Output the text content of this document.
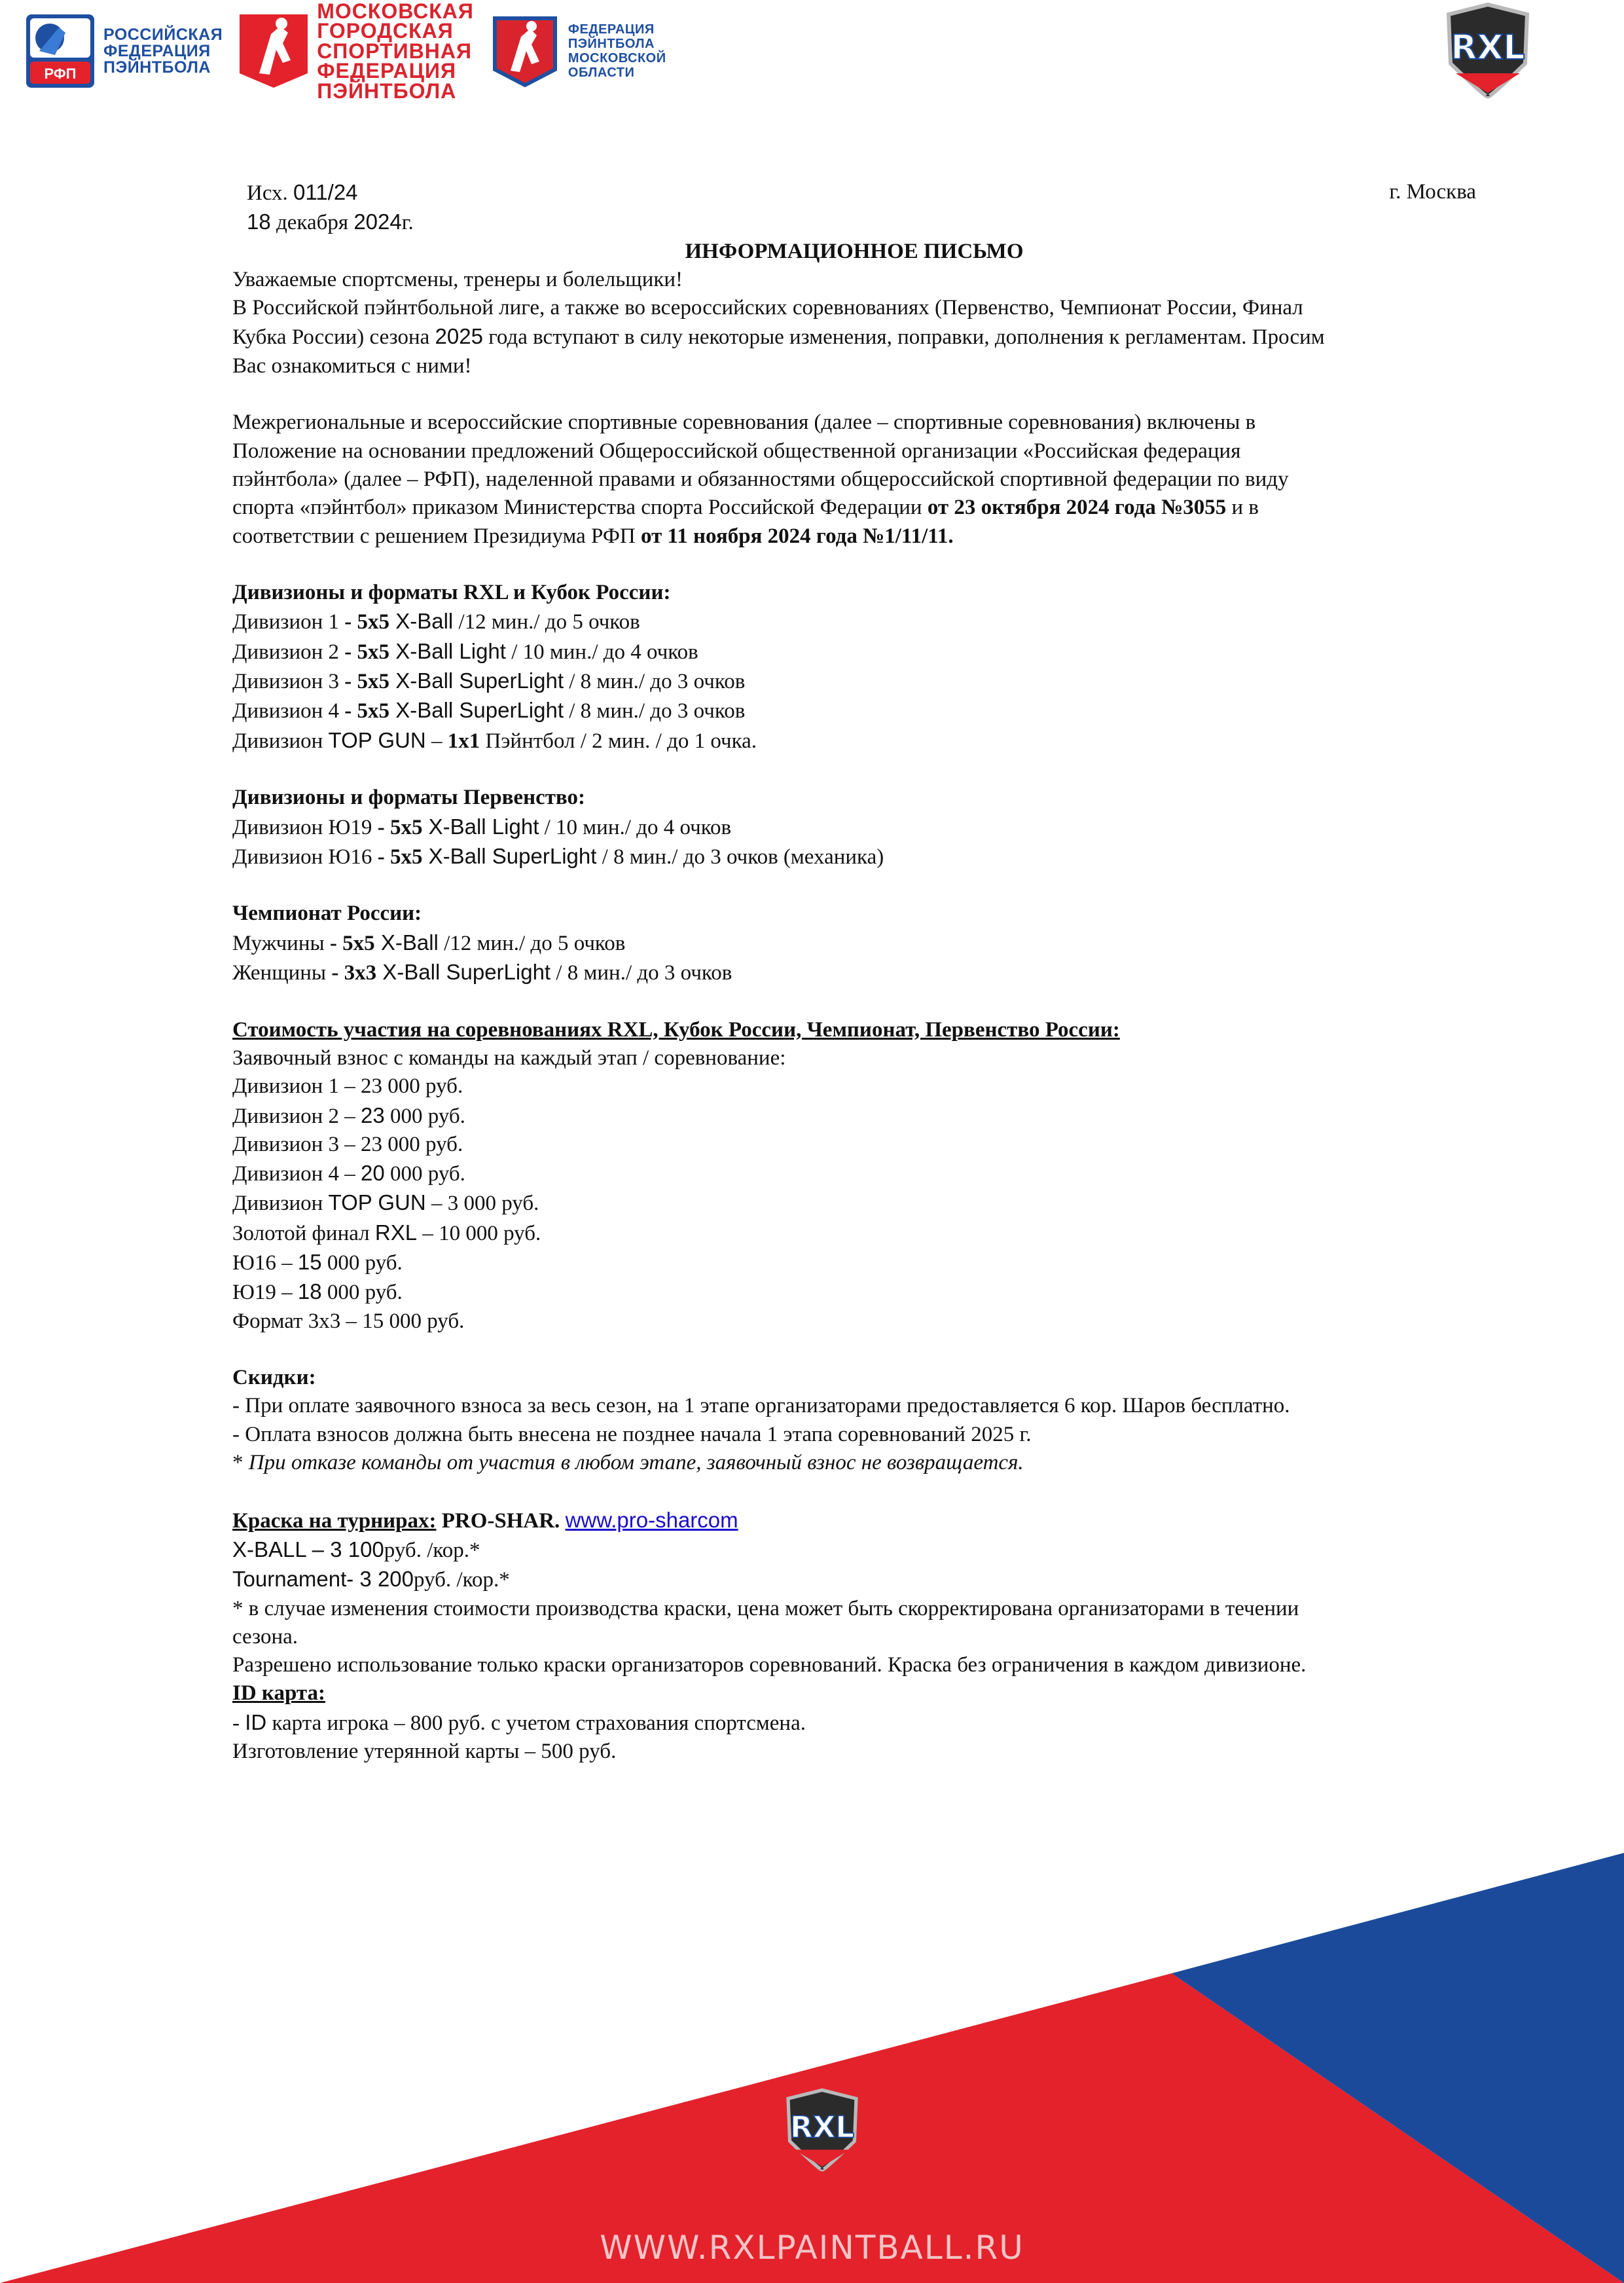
РФП
РОССИЙСКАЯ
ФЕДЕРАЦИЯ
ПЭЙНТБОЛА
МОСКОВСКАЯ
ГОРОДСКАЯ
СПОРТИВНАЯ
ФЕДЕРАЦИЯ
ПЭЙНТБОЛА
ФЕДЕРАЦИЯ
ПЭЙНТБОЛА
МОСКОВСКОЙ
ОБЛАСТИ
RXL
Исх. 011/24
18 декабря 2024г.
г. Москва

ИНФОРМАЦИОННОЕ ПИСЬМО

Уважаемые спортсмены, тренеры и болельщики!

В Российской пэйнтбольной лиге, а также во всероссийских соревнованиях (Первенство, Чемпионат России, Финал

Кубка России) сезона 2025 года вступают в силу некоторые изменения, поправки, дополнения к регламентам. Просим

Вас ознакомиться с ними!

Межрегиональные и всероссийские спортивные соревнования (далее – спортивные соревнования) включены в

Положение на основании предложений Общероссийской общественной организации «Российская федерация

пэйнтбола» (далее – РФП), наделенной правами и обязанностями общероссийской спортивной федерации по виду

спорта «пэйнтбол» приказом Министерства спорта Российской Федерации от 23 октября 2024 года №3055 и в

соответствии с решением Президиума РФП от 11 ноября 2024 года №1/11/11.

Дивизионы и форматы RXL и Кубок России:

Дивизион 1 - 5x5 X-Ball /12 мин./ до 5 очков

Дивизион 2 - 5x5 X-Ball Light / 10 мин./ до 4 очков

Дивизион 3 - 5x5 X-Ball SuperLight / 8 мин./ до 3 очков

Дивизион 4 - 5x5 X-Ball SuperLight / 8 мин./ до 3 очков

Дивизион TOP GUN – 1x1 Пэйнтбол / 2 мин. / до 1 очка.

Дивизионы и форматы Первенство:

Дивизион Ю19 - 5x5 X-Ball Light / 10 мин./ до 4 очков

Дивизион Ю16 - 5x5 X-Ball SuperLight / 8 мин./ до 3 очков (механика)

Чемпионат России:

Мужчины - 5x5 X-Ball /12 мин./ до 5 очков

Женщины - 3x3 X-Ball SuperLight / 8 мин./ до 3 очков

Стоимость участия на соревнованиях RXL, Кубок России, Чемпионат, Первенство России:

Заявочный взнос с команды на каждый этап / соревнование:

Дивизион 1 – 23 000 руб.

Дивизион 2 – 23 000 руб.

Дивизион 3 – 23 000 руб.

Дивизион 4 – 20 000 руб.

Дивизион TOP GUN – 3 000 руб.

Золотой финал RXL – 10 000 руб.

Ю16 – 15 000 руб.

Ю19 – 18 000 руб.

Формат 3х3 – 15 000 руб.

Скидки:

- При оплате заявочного взноса за весь сезон, на 1 этапе организаторами предоставляется 6 кор. Шаров бесплатно.

- Оплата взносов должна быть внесена не позднее начала 1 этапа соревнований 2025 г.

* При отказе команды от участия в любом этапе, заявочный взнос не возвращается.

Краска на турнирах: PRO-SHAR. www.pro-sharcom

X-BALL – 3 100руб. /кор.*

Tournament- 3 200руб. /кор.*

* в случае изменения стоимости производства краски, цена может быть скорректирована организаторами в течении

сезона.

Разрешено использование только краски организаторов соревнований. Краска без ограничения в каждом дивизионе.

ID карта:

- ID карта игрока – 800 руб. с учетом страхования спортсмена.

Изготовление утерянной карты – 500 руб.

RXL
WWW.RXLPAINTBALL.RU
